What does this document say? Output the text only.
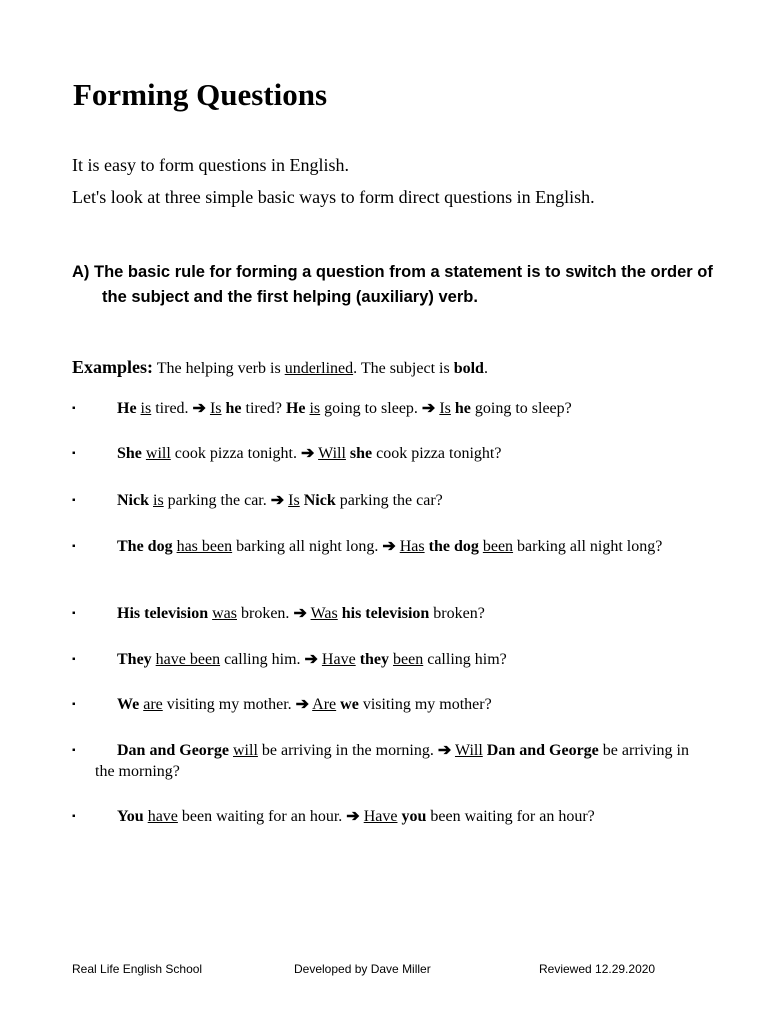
Forming Questions

It is easy to form questions in English.

Let's look at three simple basic ways to form direct questions in English.

A) The basic rule for forming a question from a statement is to switch the order of the subject and the first helping (auxiliary) verb.

Examples: The helping verb is underlined. The subject is bold.

▪	He is tired. ➔ Is he tired? He is going to sleep. ➔ Is he going to sleep?
▪	She will cook pizza tonight. ➔ Will she cook pizza tonight?
▪	Nick is parking the car. ➔ Is Nick parking the car?
▪	The dog has been barking all night long. ➔ Has the dog been barking all night long?
▪	His television was broken. ➔ Was his television broken?
▪	They have been calling him. ➔ Have they been calling him?
▪	We are visiting my mother. ➔ Are we visiting my mother?
▪	Dan and George will be arriving in the morning. ➔ Will Dan and George be arriving in the morning?
▪	You have been waiting for an hour. ➔ Have you been waiting for an hour?

Real Life English School	Developed by Dave Miller	Reviewed 12.29.2020
